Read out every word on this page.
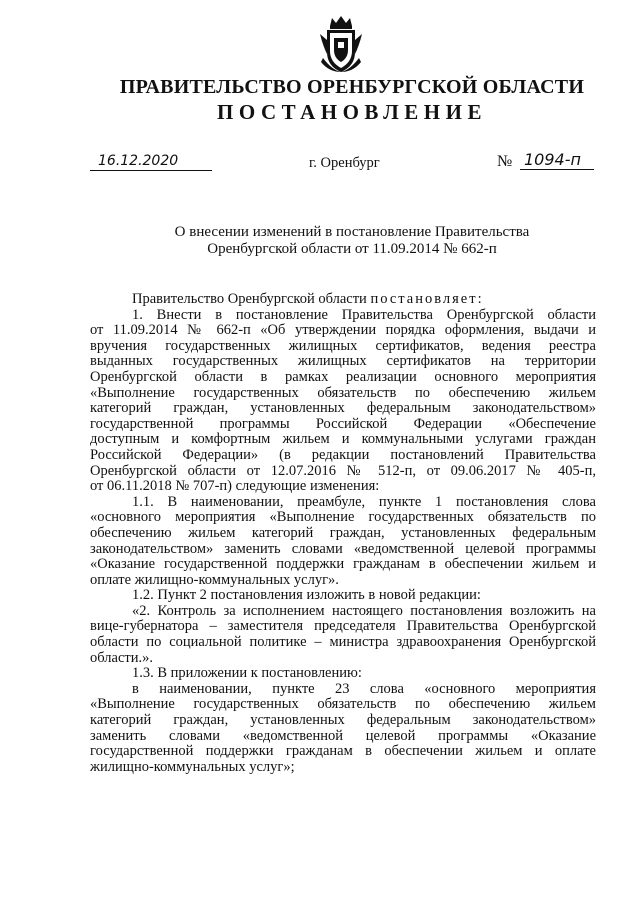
ПРАВИТЕЛЬСТВО ОРЕНБУРГСКОЙ ОБЛАСТИ
ПОСТАНОВЛЕНИЕ
16.12.2020	г. Оренбург	№ 1094-п
О внесении изменений в постановление Правительства
Оренбургской области от 11.09.2014 № 662-п

Правительство Оренбургской области постановляет:

1. Внести в постановление Правительства Оренбургской области
от 11.09.2014 № 662-п «Об утверждении порядка оформления, выдачи и
вручения государственных жилищных сертификатов, ведения реестра
выданных государственных жилищных сертификатов на территории
Оренбургской области в рамках реализации основного мероприятия
«Выполнение государственных обязательств по обеспечению жильем
категорий граждан, установленных федеральным законодательством»
государственной программы Российской Федерации «Обеспечение
доступным и комфортным жильем и коммунальными услугами граждан
Российской Федерации» (в редакции постановлений Правительства
Оренбургской области от 12.07.2016 № 512-п, от 09.06.2017 № 405-п,
от 06.11.2018 № 707-п) следующие изменения:

1.1. В наименовании, преамбуле, пункте 1 постановления слова
«основного мероприятия «Выполнение государственных обязательств по
обеспечению жильем категорий граждан, установленных федеральным
законодательством» заменить словами «ведомственной целевой программы
«Оказание государственной поддержки гражданам в обеспечении жильем и
оплате жилищно-коммунальных услуг».

1.2. Пункт 2 постановления изложить в новой редакции:

«2. Контроль за исполнением настоящего постановления возложить на
вице-губернатора – заместителя председателя Правительства Оренбургской
области по социальной политике – министра здравоохранения Оренбургской
области.».

1.3. В приложении к постановлению:

в наименовании, пункте 23 слова «основного мероприятия
«Выполнение государственных обязательств по обеспечению жильем
категорий граждан, установленных федеральным законодательством»
заменить словами «ведомственной целевой программы «Оказание
государственной поддержки гражданам в обеспечении жильем и оплате
жилищно-коммунальных услуг»;
